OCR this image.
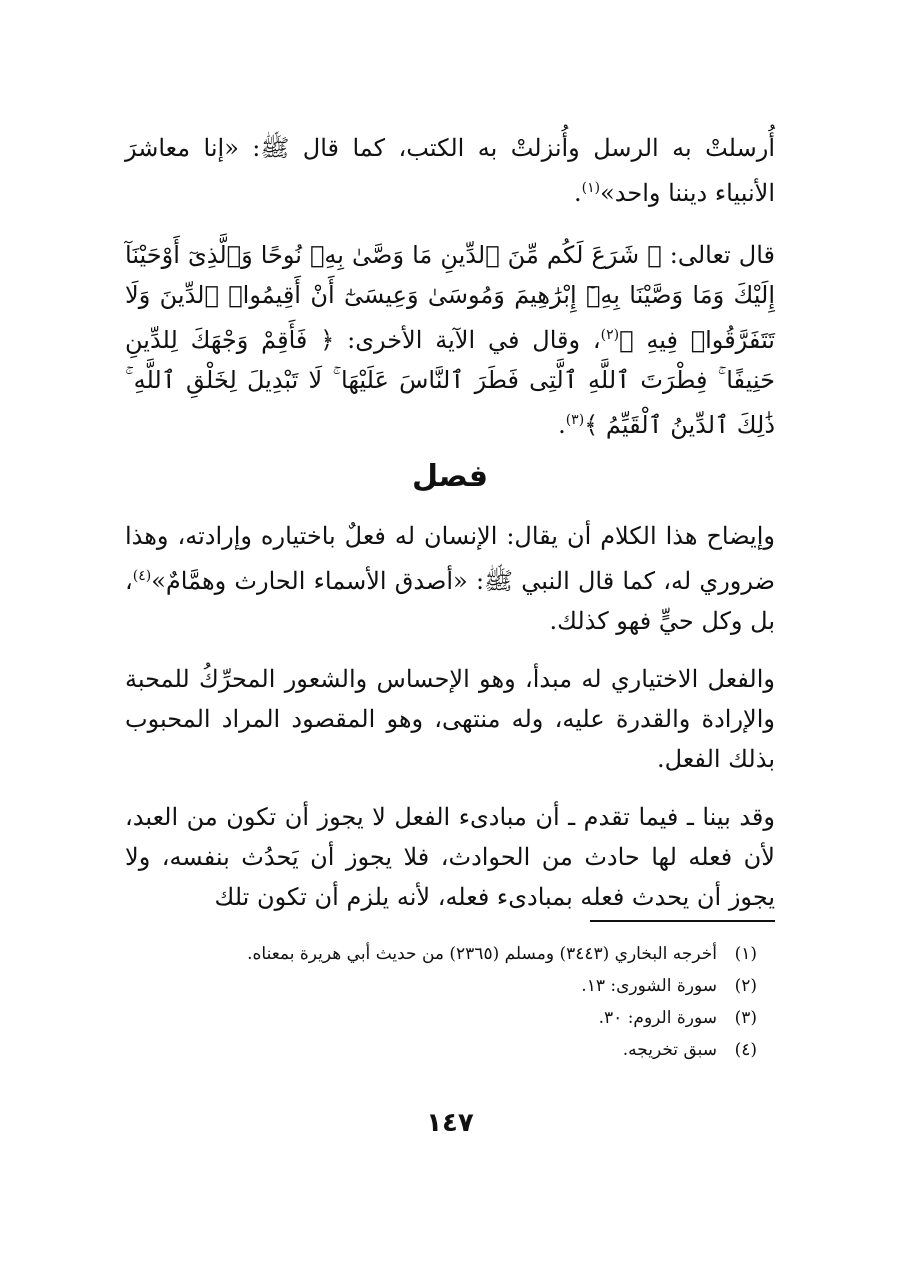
أُرسلتْ به الرسل وأُنزلتْ به الكتب، كما قال ﷺ: «إنا معاشرَ الأنبياء ديننا واحد»$^{(١)}$.

قال تعالى: ﴿ شَرَعَ لَكُم مِّنَ ٱلدِّينِ مَا وَصَّىٰ بِهِۦ نُوحًا وَٱلَّذِىٓ أَوْحَيْنَآ إِلَيْكَ وَمَا وَصَّيْنَا بِهِۦٓ إِبْرَٰهِيمَ وَمُوسَىٰ وَعِيسَىٰٓ أَنْ أَقِيمُوا۟ ٱلدِّينَ وَلَا تَتَفَرَّقُوا۟ فِيهِ ﴾$^{(٢)}$، وقال في الآية الأخرى: ﴿ فَأَقِمْ وَجْهَكَ لِلدِّينِ حَنِيفًا ۚ فِطْرَتَ ٱللَّهِ ٱلَّتِى فَطَرَ ٱلنَّاسَ عَلَيْهَا ۚ لَا تَبْدِيلَ لِخَلْقِ ٱللَّهِ ۚ ذَٰلِكَ ٱلدِّينُ ٱلْقَيِّمُ ﴾$^{(٣)}$.

فصل

وإيضاح هذا الكلام أن يقال: الإنسان له فعلٌ باختياره وإرادته، وهذا ضروري له، كما قال النبي ﷺ: «أصدق الأسماء الحارث وهمَّامٌ»$^{(٤)}$، بل وكل حيٍّ فهو كذلك.

والفعل الاختياري له مبدأ، وهو الإحساس والشعور المحرِّكُ للمحبة والإرادة والقدرة عليه، وله منتهى، وهو المقصود المراد المحبوب بذلك الفعل.

وقد بينا ـ فيما تقدم ـ أن مبادىء الفعل لا يجوز أن تكون من العبد، لأن فعله لها حادث من الحوادث، فلا يجوز أن يَحدُث بنفسه، ولا يجوز أن يحدث فعله بمبادىء فعله، لأنه يلزم أن تكون تلك

(١)أخرجه البخاري (٣٤٤٣) ومسلم (٢٣٦٥) من حديث أبي هريرة بمعناه.

(٢)سورة الشورى: ١٣.

(٣)سورة الروم: ٣٠.

(٤)سبق تخريجه.

١٤٧
